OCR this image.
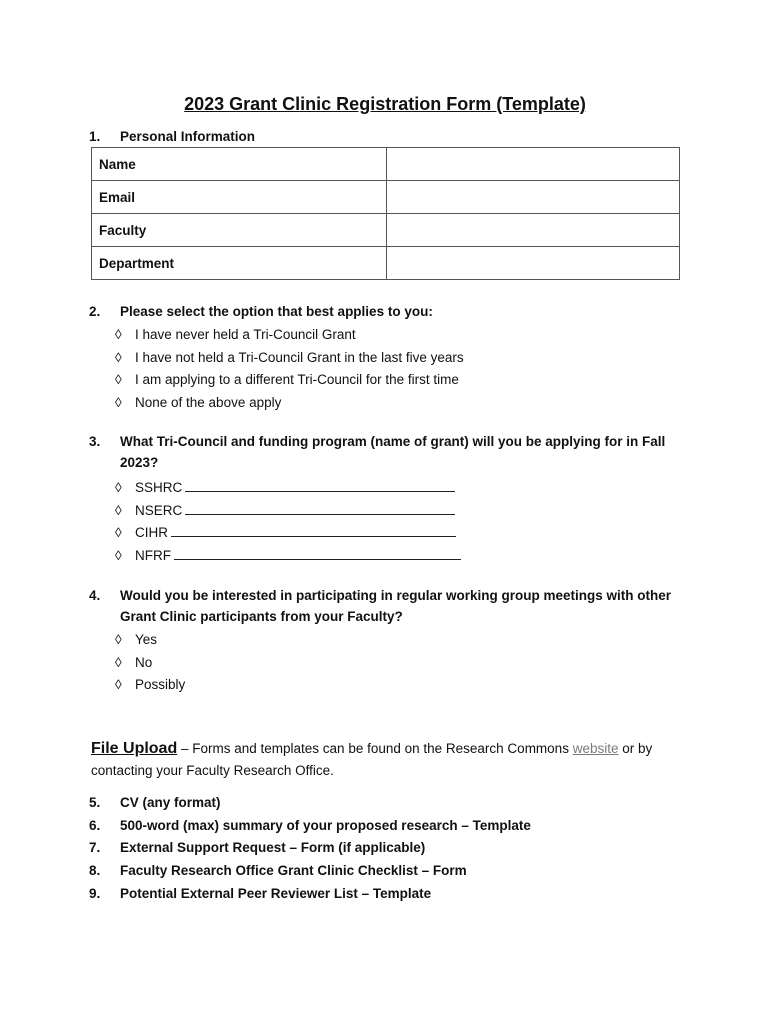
2023 Grant Clinic Registration Form (Template)
1. Personal Information
Name	
Email	
Faculty	
Department	
2. Please select the option that best applies to you:
◊ I have never held a Tri-Council Grant
◊ I have not held a Tri-Council Grant in the last five years
◊ I am applying to a different Tri-Council for the first time
◊ None of the above apply
3. What Tri-Council and funding program (name of grant) will you be applying for in Fall
2023?
◊ SSHRC
◊ NSERC
◊ CIHR
◊ NFRF
4. Would you be interested in participating in regular working group meetings with other
Grant Clinic participants from your Faculty?
◊ Yes
◊ No
◊ Possibly
File Upload – Forms and templates can be found on the Research Commons website or by contacting your Faculty Research Office.
5. CV (any format)
6. 500-word (max) summary of your proposed research – Template
7. External Support Request – Form (if applicable)
8. Faculty Research Office Grant Clinic Checklist – Form
9. Potential External Peer Reviewer List – Template
